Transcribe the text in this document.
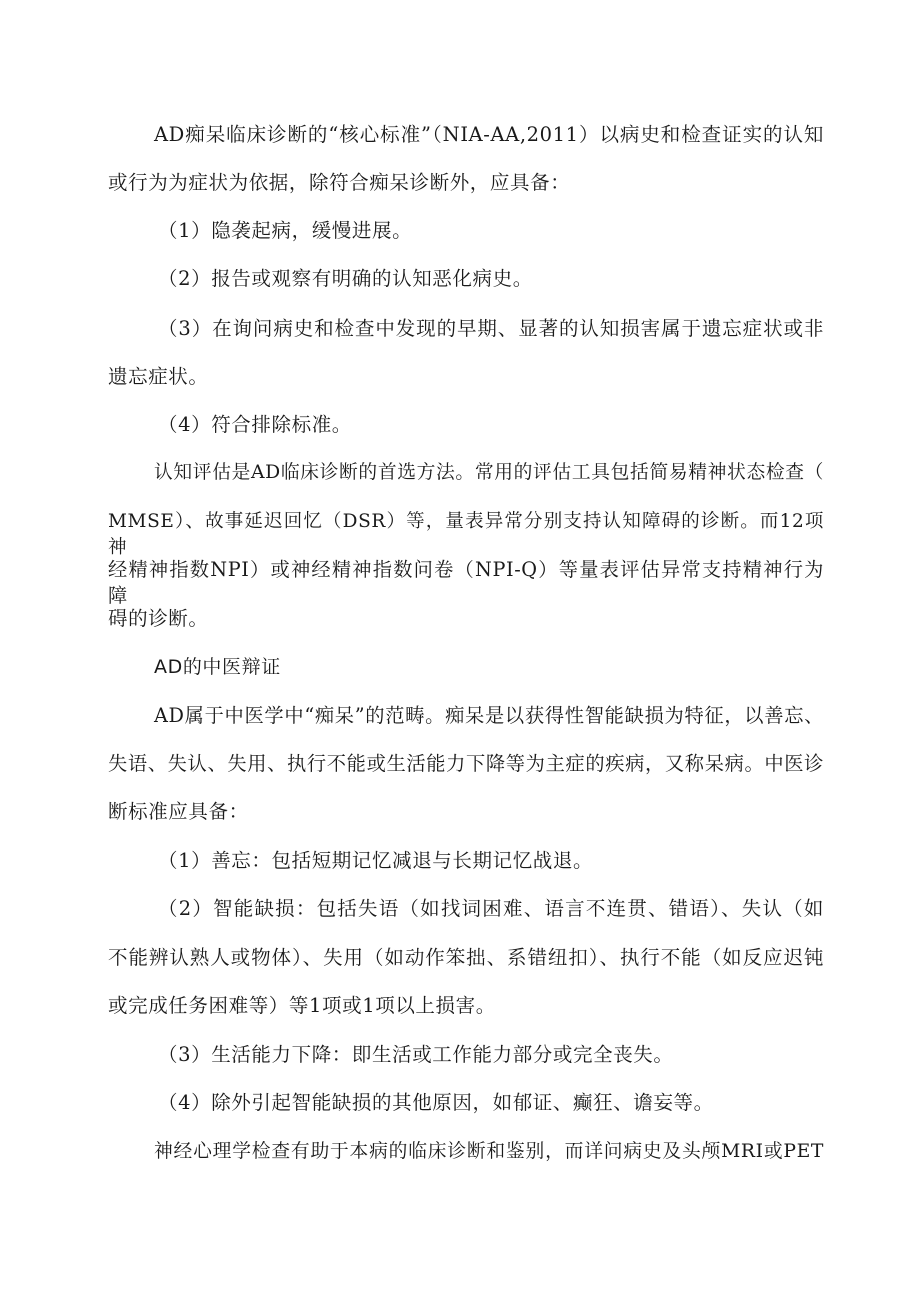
AD痴呆临床诊断的“核心标准”（NIA-AA,2011）以病史和检查证实的认知
或行为为症状为依据，除符合痴呆诊断外，应具备：
（1）隐袭起病，缓慢进展。
（2）报告或观察有明确的认知恶化病史。
（3）在询问病史和检查中发现的早期、显著的认知损害属于遗忘症状或非
遗忘症状。
（4）符合排除标准。
认知评估是AD临床诊断的首选方法。常用的评估工具包括简易精神状态检查（
MMSE）、故事延迟回忆（DSR）等，量表异常分别支持认知障碍的诊断。而12项神
经精神指数NPI）或神经精神指数问卷（NPI-Q）等量表评估异常支持精神行为障
碍的诊断。
AD的中医辩证
AD属于中医学中“痴呆”的范畴。痴呆是以获得性智能缺损为特征，以善忘、
失语、失认、失用、执行不能或生活能力下降等为主症的疾病，又称呆病。中医诊
断标准应具备：
（1）善忘：包括短期记忆减退与长期记忆战退。
（2）智能缺损：包括失语（如找词困难、语言不连贯、错语）、失认（如
不能辨认熟人或物体）、失用（如动作笨拙、系错纽扣）、执行不能（如反应迟钝
或完成任务困难等）等1项或1项以上损害。
（3）生活能力下降：即生活或工作能力部分或完全丧失。
（4）除外引起智能缺损的其他原因，如郁证、癫狂、谵妄等。
神经心理学检查有助于本病的临床诊断和鉴别，而详问病史及头颅MRI或PET
